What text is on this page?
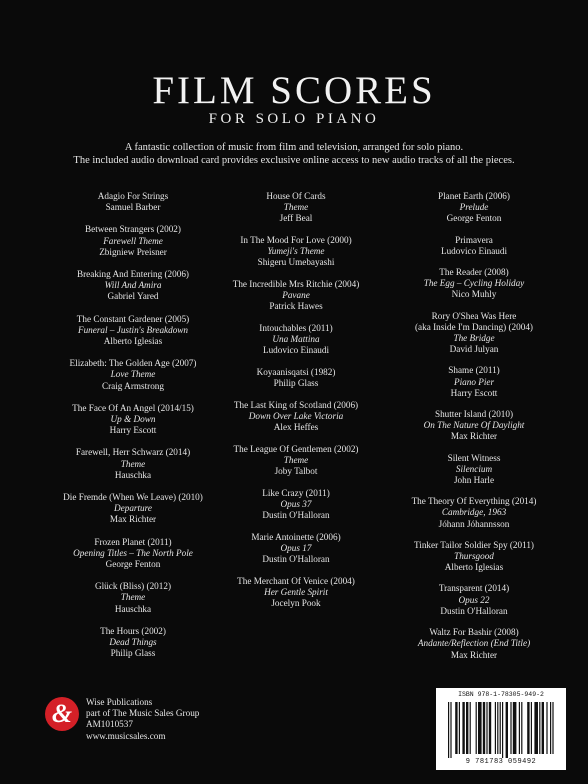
FILM SCORES
FOR SOLO PIANO
A fantastic collection of music from film and television, arranged for solo piano.
The included audio download card provides exclusive online access to new audio tracks of all the pieces.
Adagio For Strings
Samuel Barber
Between Strangers (2002)
Farewell Theme
Zbigniew Preisner
Breaking And Entering (2006)
Will And Amira
Gabriel Yared
The Constant Gardener (2005)
Funeral – Justin's Breakdown
Alberto Iglesias
Elizabeth: The Golden Age (2007)
Love Theme
Craig Armstrong
The Face Of An Angel (2014/15)
Up & Down
Harry Escott
Farewell, Herr Schwarz (2014)
Theme
Hauschka
Die Fremde (When We Leave) (2010)
Departure
Max Richter
Frozen Planet (2011)
Opening Titles – The North Pole
George Fenton
Glück (Bliss) (2012)
Theme
Hauschka
The Hours (2002)
Dead Things
Philip Glass
House Of Cards
Theme
Jeff Beal
In The Mood For Love (2000)
Yumeji's Theme
Shigeru Umebayashi
The Incredible Mrs Ritchie (2004)
Pavane
Patrick Hawes
Intouchables (2011)
Una Mattina
Ludovico Einaudi
Koyaanisqatsi (1982)
Philip Glass
The Last King of Scotland (2006)
Down Over Lake Victoria
Alex Heffes
The League Of Gentlemen (2002)
Theme
Joby Talbot
Like Crazy (2011)
Opus 37
Dustin O'Halloran
Marie Antoinette (2006)
Opus 17
Dustin O'Halloran
The Merchant Of Venice (2004)
Her Gentle Spirit
Jocelyn Pook
Planet Earth (2006)
Prelude
George Fenton
Primavera
Ludovico Einaudi
The Reader (2008)
The Egg – Cycling Holiday
Nico Muhly
Rory O'Shea Was Here
(aka Inside I'm Dancing) (2004)
The Bridge
David Julyan
Shame (2011)
Piano Pier
Harry Escott
Shutter Island (2010)
On The Nature Of Daylight
Max Richter
Silent Witness
Silencium
John Harle
The Theory Of Everything (2014)
Cambridge, 1963
Jóhann Jóhannsson
Tinker Tailor Soldier Spy (2011)
Thursgood
Alberto Iglesias
Transparent (2014)
Opus 22
Dustin O'Halloran
Waltz For Bashir (2008)
Andante/Reflection (End Title)
Max Richter
&	Wise Publications
part of The Music Sales Group
AM1010537
www.musicsales.com
ISBN 978-1-78305-949-2
9 781783 059492
